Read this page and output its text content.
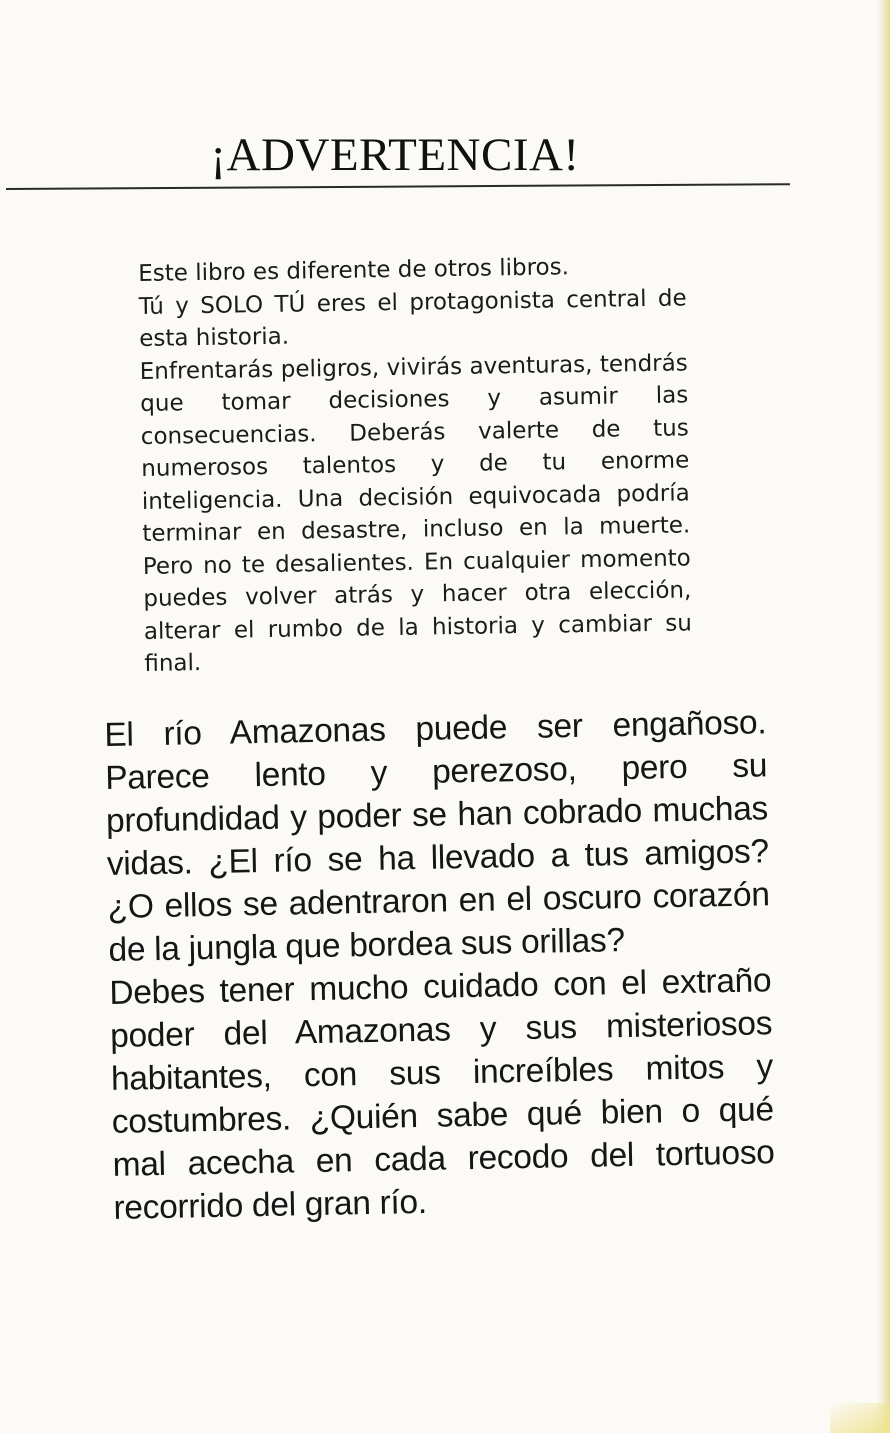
¡ADVERTENCIA!

Este libro es diferente de otros libros.

Tú y SOLO TÚ eres el protagonista central de esta historia.

Enfrentarás peligros, vivirás aventuras, tendrás que tomar decisiones y asumir las consecuencias. Deberás valerte de tus numerosos talentos y de tu enorme inteligencia. Una decisión equivocada podría terminar en desastre, incluso en la muerte. Pero no te desalientes. En cualquier momento puedes volver atrás y hacer otra elección, alterar el rumbo de la historia y cambiar su final.

El río Amazonas puede ser engañoso. Parece lento y perezoso, pero su profundidad y poder se han cobrado muchas vidas. ¿El río se ha llevado a tus amigos? ¿O ellos se adentraron en el oscuro corazón de la jungla que bordea sus orillas?

Debes tener mucho cuidado con el extraño poder del Amazonas y sus misteriosos habitantes, con sus increíbles mitos y costumbres. ¿Quién sabe qué bien o qué mal acecha en cada recodo del tortuoso recorrido del gran río.
